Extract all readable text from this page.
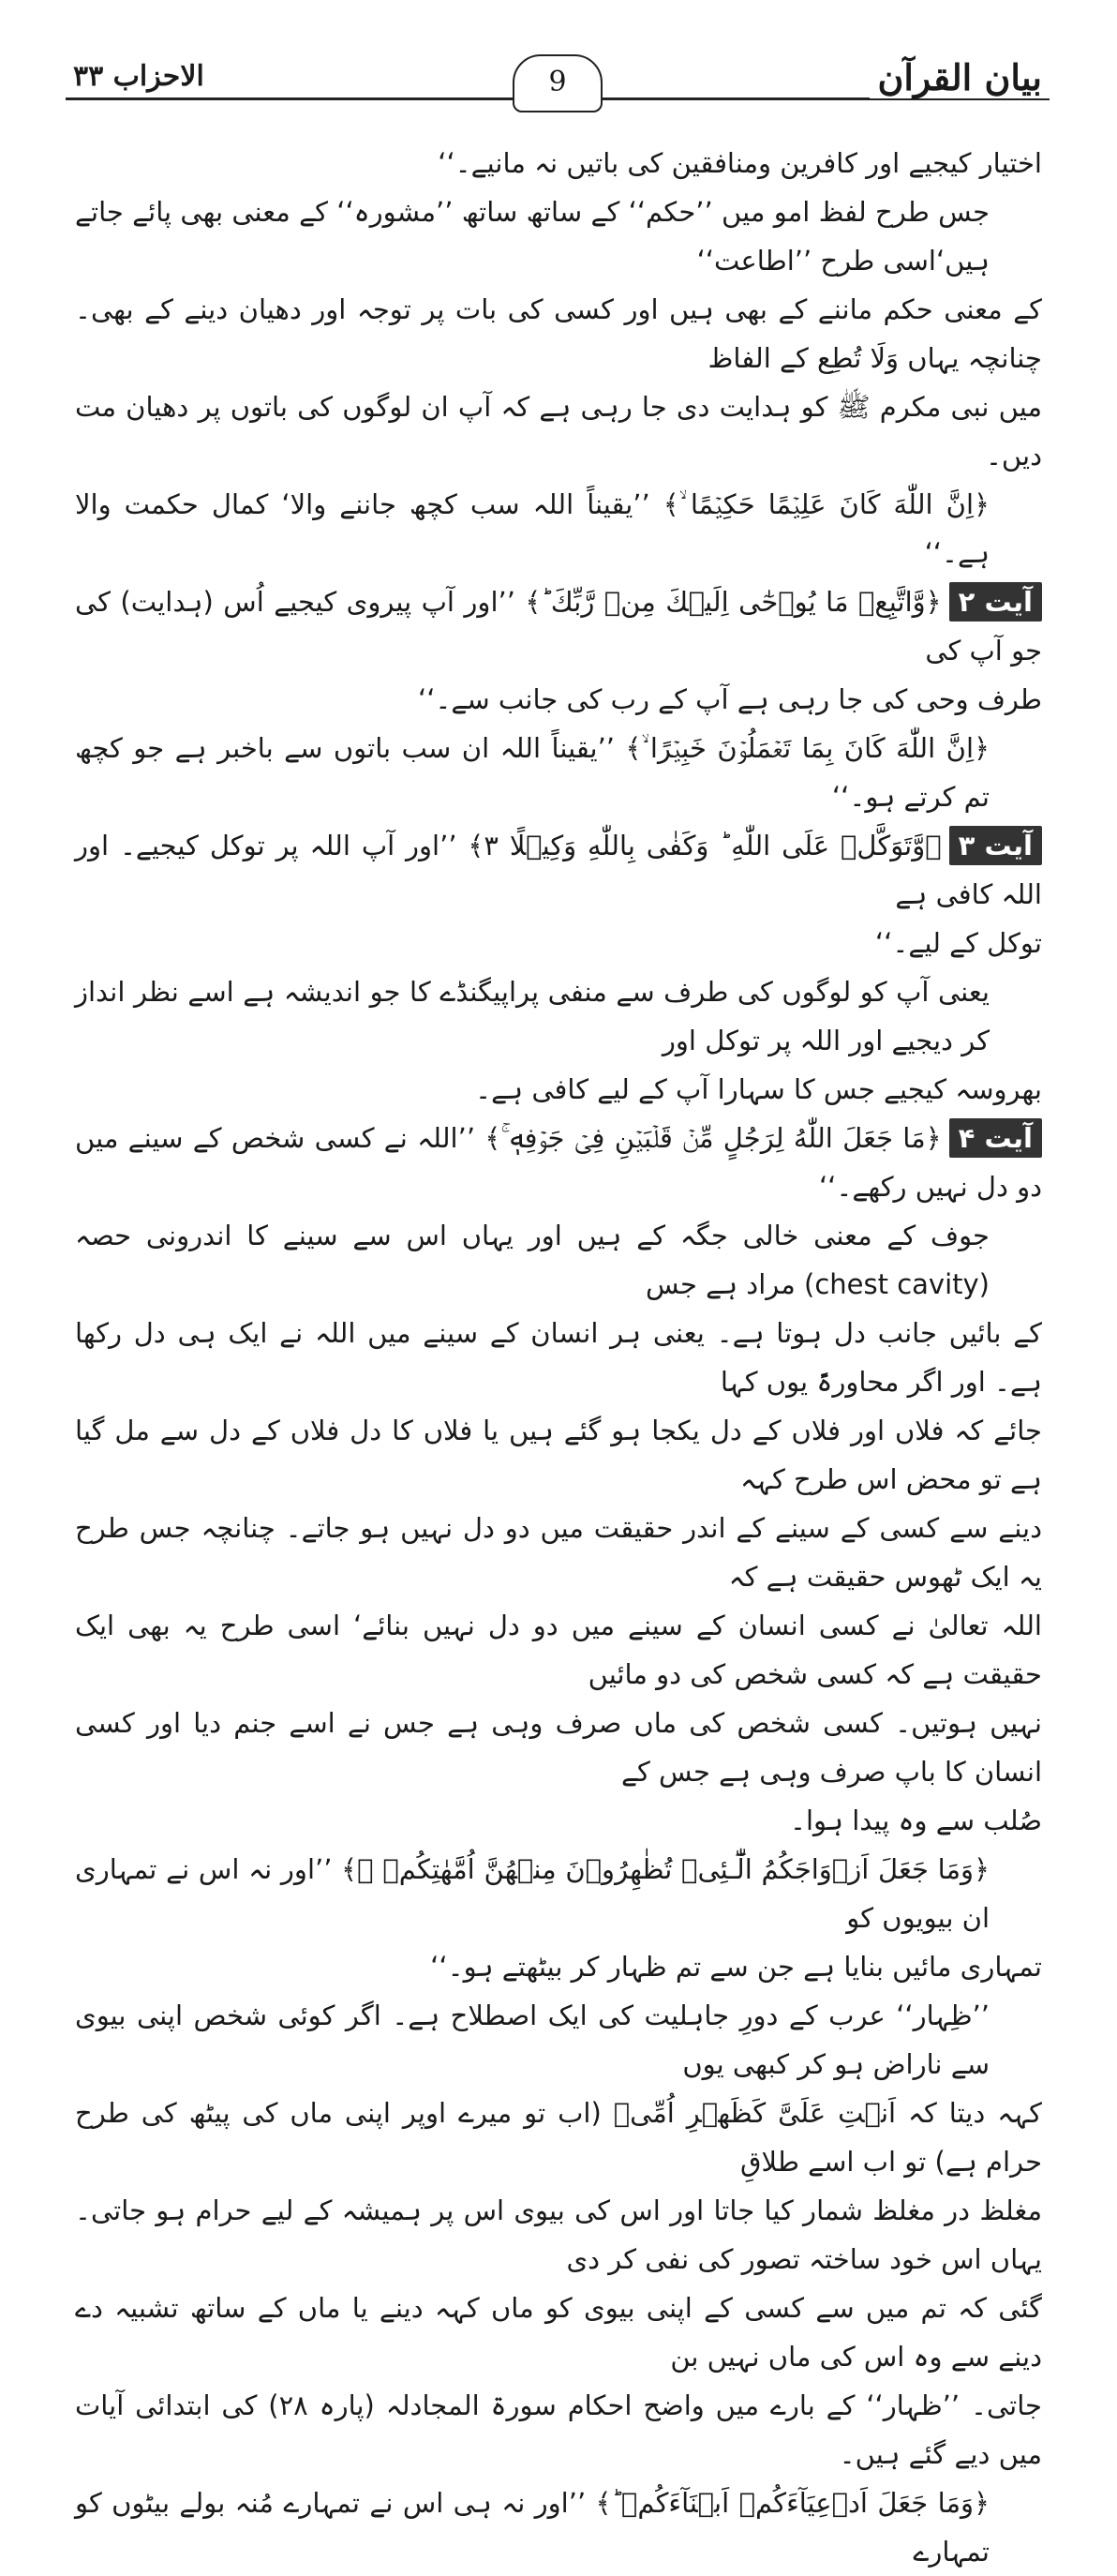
الاحزاب ۳۳	9	بیان القرآن

اختیار کیجیے اور کافرین ومنافقین کی باتیں نہ مانیے۔‘‘

جس طرح لفظ امو میں ’’حکم‘‘ کے ساتھ ساتھ ’’مشورہ‘‘ کے معنی بھی پائے جاتے ہیں‘اسی طرح ’’اطاعت‘‘

کے معنی حکم ماننے کے بھی ہیں اور کسی کی بات پر توجہ اور دھیان دینے کے بھی۔ چنانچہ یہاں وَلَا تُطِع کے الفاظ

میں نبی مکرم ﷺ کو ہدایت دی جا رہی ہے کہ آپ ان لوگوں کی باتوں پر دھیان مت دیں۔

﴿اِنَّ اللّٰهَ كَانَ عَلِيۡمًا حَكِيۡمًا ۙ﴾ ’’یقیناً اللہ سب کچھ جاننے والا‘ کمال حکمت والا ہے۔‘‘

آیت ۲﴿وَّاتَّبِعۡ مَا يُوۡحٰٓى اِلَيۡكَ مِنۡ رَّبِّكَ ؕ﴾ ’’اور آپ پیروی کیجیے اُس (ہدایت) کی جو آپ کی

طرف وحی کی جا رہی ہے آپ کے رب کی جانب سے۔‘‘

﴿اِنَّ اللّٰهَ كَانَ بِمَا تَعۡمَلُوۡنَ خَبِيۡرًا ۙ﴾ ’’یقیناً اللہ ان سب باتوں سے باخبر ہے جو کچھ تم کرتے ہو۔‘‘

آیت ۳﴿وَّتَوَكَّلۡ عَلَى اللّٰهِ ؕ وَكَفٰى بِاللّٰهِ وَكِيۡلًا ۳﴾ ’’اور آپ اللہ پر توکل کیجیے۔ اور اللہ کافی ہے

توکل کے لیے۔‘‘

یعنی آپ کو لوگوں کی طرف سے منفی پراپیگنڈے کا جو اندیشہ ہے اسے نظر انداز کر دیجیے اور اللہ پر توکل اور

بھروسہ کیجیے جس کا سہارا آپ کے لیے کافی ہے۔

آیت ۴﴿مَا جَعَلَ اللّٰهُ لِرَجُلٍ مِّنۡ قَلۡبَيۡنِ فِىۡ جَوۡفِهٖ ۚ﴾ ’’اللہ نے کسی شخص کے سینے میں دو دل نہیں رکھے۔‘‘

جوف کے معنی خالی جگہ کے ہیں اور یہاں اس سے سینے کا اندرونی حصہ (chest cavity) مراد ہے جس

کے بائیں جانب دل ہوتا ہے۔ یعنی ہر انسان کے سینے میں اللہ نے ایک ہی دل رکھا ہے۔ اور اگر محاورۃً یوں کہا

جائے کہ فلاں اور فلاں کے دل یکجا ہو گئے ہیں یا فلاں کا دل فلاں کے دل سے مل گیا ہے تو محض اس طرح کہہ

دینے سے کسی کے سینے کے اندر حقیقت میں دو دل نہیں ہو جاتے۔ چنانچہ جس طرح یہ ایک ٹھوس حقیقت ہے کہ

اللہ تعالیٰ نے کسی انسان کے سینے میں دو دل نہیں بنائے‘ اسی طرح یہ بھی ایک حقیقت ہے کہ کسی شخص کی دو مائیں

نہیں ہوتیں۔ کسی شخص کی ماں صرف وہی ہے جس نے اسے جنم دیا اور کسی انسان کا باپ صرف وہی ہے جس کے

صُلب سے وہ پیدا ہوا۔

﴿وَمَا جَعَلَ اَزۡوَاجَكُمُ الّٰٓـئِىۡ تُظٰهِرُوۡنَ مِنۡهُنَّ اُمَّهٰتِكُمۡ ۚ﴾ ’’اور نہ اس نے تمہاری ان بیویوں کو

تمہاری مائیں بنایا ہے جن سے تم ظہار کر بیٹھتے ہو۔‘‘

’’ظِہار‘‘ عرب کے دورِ جاہلیت کی ایک اصطلاح ہے۔ اگر کوئی شخص اپنی بیوی سے ناراض ہو کر کبھی یوں

کہہ دیتا کہ اَنۡتِ عَلَیَّ کَظَھۡرِ اُمِّیۡ (اب تو میرے اوپر اپنی ماں کی پیٹھ کی طرح حرام ہے) تو اب اسے طلاقِ

مغلظ در مغلظ شمار کیا جاتا اور اس کی بیوی اس پر ہمیشہ کے لیے حرام ہو جاتی۔ یہاں اس خود ساختہ تصور کی نفی کر دی

گئی کہ تم میں سے کسی کے اپنی بیوی کو ماں کہہ دینے یا ماں کے ساتھ تشبیہ دے دینے سے وہ اس کی ماں نہیں بن

جاتی۔ ’’ظہار‘‘ کے بارے میں واضح احکام سورۃ المجادلہ (پارہ ۲۸) کی ابتدائی آیات میں دیے گئے ہیں۔

﴿وَمَا جَعَلَ اَدۡعِيَآءَكُمۡ اَبۡنَآءَكُمۡ ؕ﴾ ’’اور نہ ہی اس نے تمہارے مُنہ بولے بیٹوں کو تمہارے
